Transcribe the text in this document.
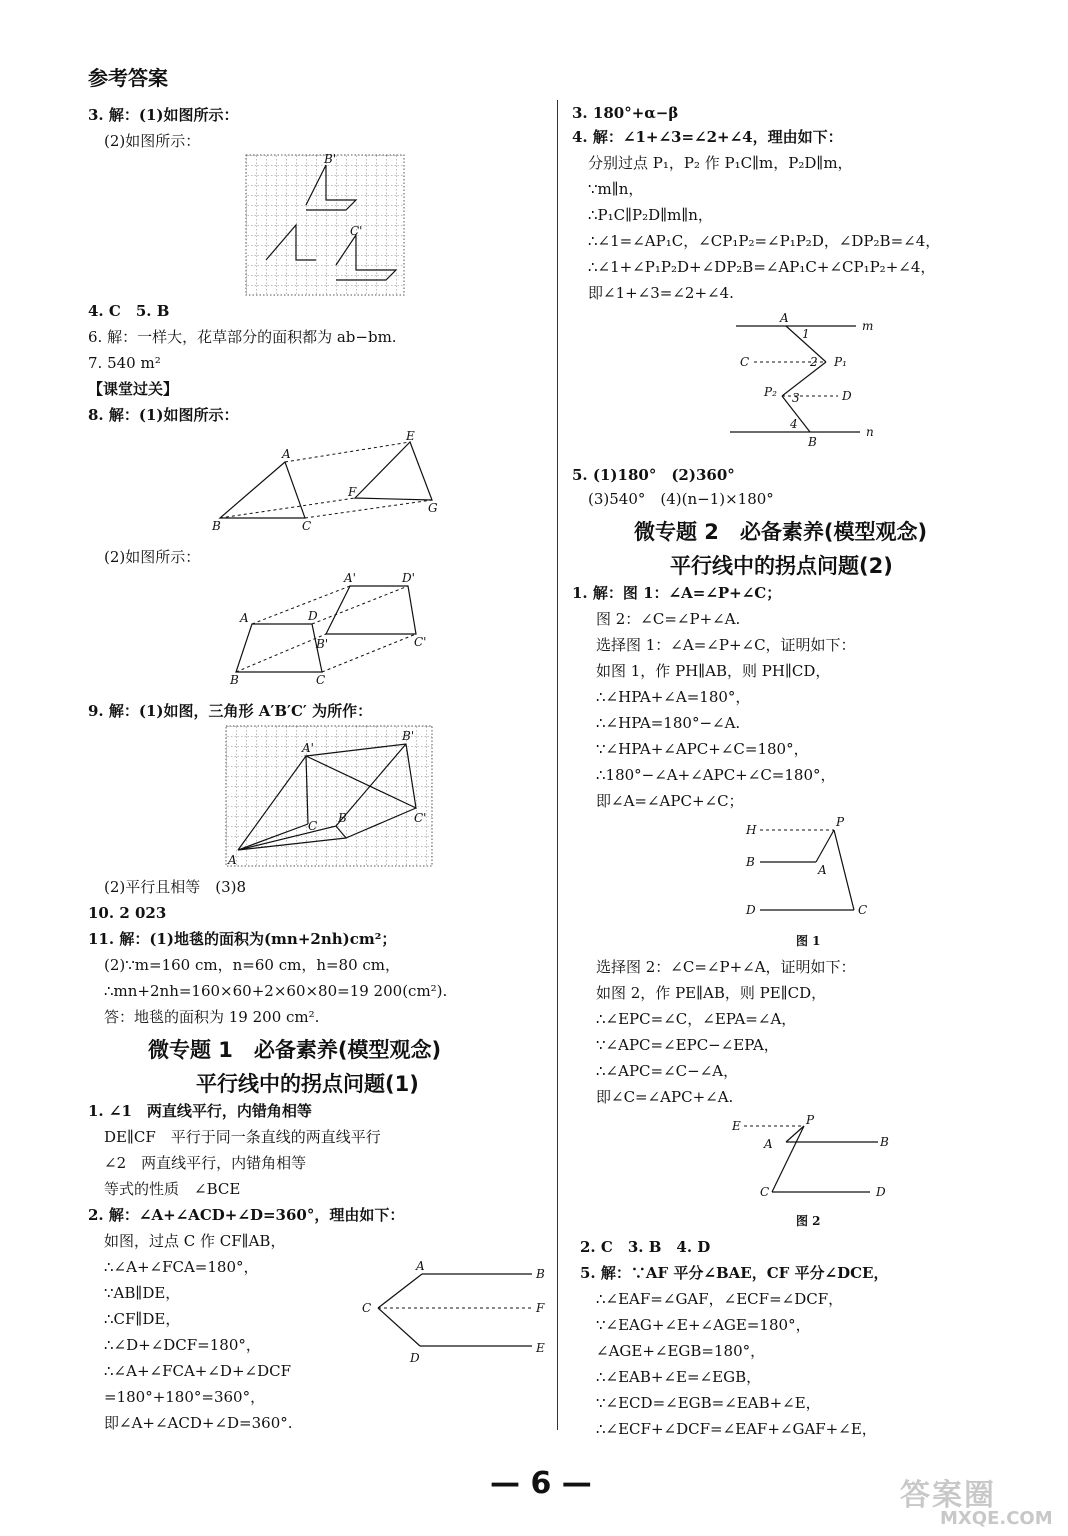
参考答案
3. 解：(1)如图所示：
(2)如图所示：
B'
C'
4. C　5. B
6. 解：一样大，花草部分的面积都为 ab−bm.
7. 540 m²
【课堂过关】
8. 解：(1)如图所示：
A
B	C
E
F
G
(2)如图所示：
A
B	C
D
A'
B'	C'
D'
9. 解：(1)如图，三角形 A′B′C′ 为所作：
A
B
C
A'
B'
C'
(2)平行且相等　(3)8
10. 2 023
11. 解：(1)地毯的面积为(mn+2nh)cm²；
(2)∵m=160 cm，n=60 cm，h=80 cm，
∴mn+2nh=160×60+2×60×80=19 200(cm²).
答：地毯的面积为 19 200 cm².
微专题 1　必备素养(模型观念)
平行线中的拐点问题(1)
1. ∠1　两直线平行，内错角相等
DE∥CF　平行于同一条直线的两直线平行
∠2　两直线平行，内错角相等
等式的性质　∠BCE
2. 解：∠A+∠ACD+∠D=360°，理由如下：
如图，过点 C 作 CF∥AB，
∴∠A+∠FCA=180°，
∵AB∥DE，
∴CF∥DE，
∴∠D+∠DCF=180°，
∴∠A+∠FCA+∠D+∠DCF
=180°+180°=360°，
即∠A+∠ACD+∠D=360°.
A
B
C
D
E
F
3. 180°+α−β
4. 解：∠1+∠3=∠2+∠4，理由如下：
分别过点 P₁，P₂ 作 P₁C∥m，P₂D∥m，
∵m∥n，
∴P₁C∥P₂D∥m∥n，
∴∠1=∠AP₁C，∠CP₁P₂=∠P₁P₂D，∠DP₂B=∠4，
∴∠1+∠P₁P₂D+∠DP₂B=∠AP₁C+∠CP₁P₂+∠4，
即∠1+∠3=∠2+∠4.
A
B
C
D
P₁
P₂
m
n
1
2
3
4
5. (1)180°　(2)360°
(3)540°　(4)(n−1)×180°
微专题 2　必备素养(模型观念)
平行线中的拐点问题(2)
1. 解：图 1：∠A=∠P+∠C；
图 2：∠C=∠P+∠A.
选择图 1：∠A=∠P+∠C，证明如下：
如图 1，作 PH∥AB，则 PH∥CD，
∴∠HPA+∠A=180°，
∴∠HPA=180°−∠A.
∵∠HPA+∠APC+∠C=180°，
∴180°−∠A+∠APC+∠C=180°，
即∠A=∠APC+∠C；
H
P
A
B
C
D
图 1
选择图 2：∠C=∠P+∠A，证明如下：
如图 2，作 PE∥AB，则 PE∥CD，
∴∠EPC=∠C，∠EPA=∠A，
∵∠APC=∠EPC−∠EPA，
∴∠APC=∠C−∠A，
即∠C=∠APC+∠A.
E	P
A	B
C	D
图 2
2. C　3. B　4. D
5. 解：∵AF 平分∠BAE，CF 平分∠DCE，
∴∠EAF=∠GAF，∠ECF=∠DCF，
∵∠EAG+∠E+∠AGE=180°，
∠AGE+∠EGB=180°，
∴∠EAB+∠E=∠EGB，
∵∠ECD=∠EGB=∠EAB+∠E，
∴∠ECF+∠DCF=∠EAF+∠GAF+∠E，
— 6 —	答案圈
MXQE.COM
